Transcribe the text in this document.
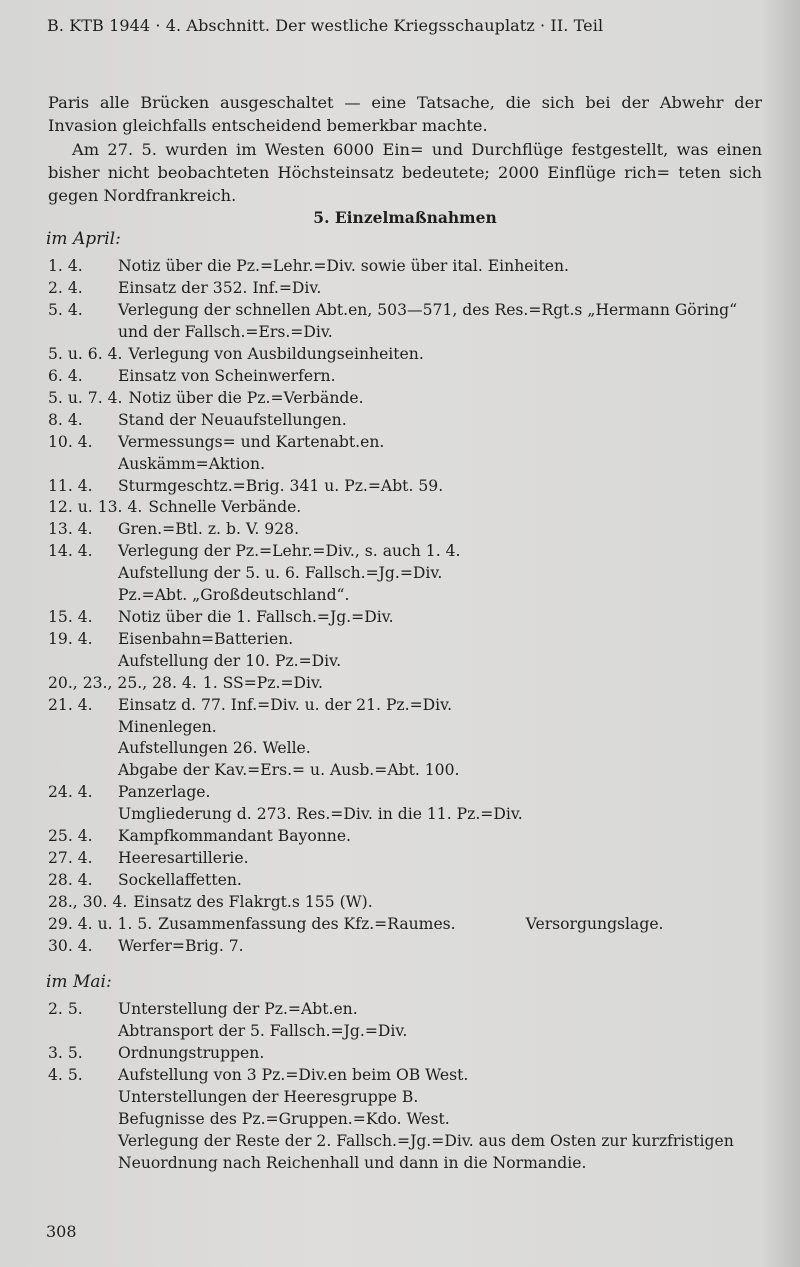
B. KTB 1944 · 4. Abschnitt. Der westliche Kriegsschauplatz · II. Teil

Paris alle Brücken ausgeschaltet — eine Tatsache, die sich bei der Abwehr der Invasion gleichfalls entscheidend bemerkbar machte.

Am 27. 5. wurden im Westen 6000 Ein= und Durchflüge festgestellt, was einen bisher nicht beobachteten Höchsteinsatz bedeutete; 2000 Einflüge rich= teten sich gegen Nordfrankreich.

5. Einzelmaßnahmen
im April:
1. 4. Notiz über die Pz.=Lehr.=Div. sowie über ital. Einheiten.
2. 4. Einsatz der 352. Inf.=Div.
5. 4. Verlegung der schnellen Abt.en, 503—571, des Res.=Rgt.s „Hermann Göring“
und der Fallsch.=Ers.=Div.
5. u. 6. 4. Verlegung von Ausbildungseinheiten.
6. 4. Einsatz von Scheinwerfern.
5. u. 7. 4. Notiz über die Pz.=Verbände.
8. 4. Stand der Neuaufstellungen.
10. 4. Vermessungs= und Kartenabt.en.
Auskämm=Aktion.
11. 4. Sturmgeschtz.=Brig. 341 u. Pz.=Abt. 59.
12. u. 13. 4. Schnelle Verbände.
13. 4. Gren.=Btl. z. b. V. 928.
14. 4. Verlegung der Pz.=Lehr.=Div., s. auch 1. 4.
Aufstellung der 5. u. 6. Fallsch.=Jg.=Div.
Pz.=Abt. „Großdeutschland“.
15. 4. Notiz über die 1. Fallsch.=Jg.=Div.
19. 4. Eisenbahn=Batterien.
Aufstellung der 10. Pz.=Div.
20., 23., 25., 28. 4. 1. SS=Pz.=Div.
21. 4. Einsatz d. 77. Inf.=Div. u. der 21. Pz.=Div.
Minenlegen.
Aufstellungen 26. Welle.
Abgabe der Kav.=Ers.= u. Ausb.=Abt. 100.
24. 4. Panzerlage.
Umgliederung d. 273. Res.=Div. in die 11. Pz.=Div.
25. 4. Kampfkommandant Bayonne.
27. 4. Heeresartillerie.
28. 4. Sockellaffetten.
28., 30. 4. Einsatz des Flakrgt.s 155 (W).
29. 4. u. 1. 5. Zusammenfassung des Kfz.=Raumes.	Versorgungslage.
30. 4. Werfer=Brig. 7.
im Mai:
2. 5. Unterstellung der Pz.=Abt.en.
Abtransport der 5. Fallsch.=Jg.=Div.
3. 5. Ordnungstruppen.
4. 5. Aufstellung von 3 Pz.=Div.en beim OB West.
Unterstellungen der Heeresgruppe B.
Befugnisse des Pz.=Gruppen.=Kdo. West.
Verlegung der Reste der 2. Fallsch.=Jg.=Div. aus dem Osten zur kurzfristigen
Neuordnung nach Reichenhall und dann in die Normandie.
308
